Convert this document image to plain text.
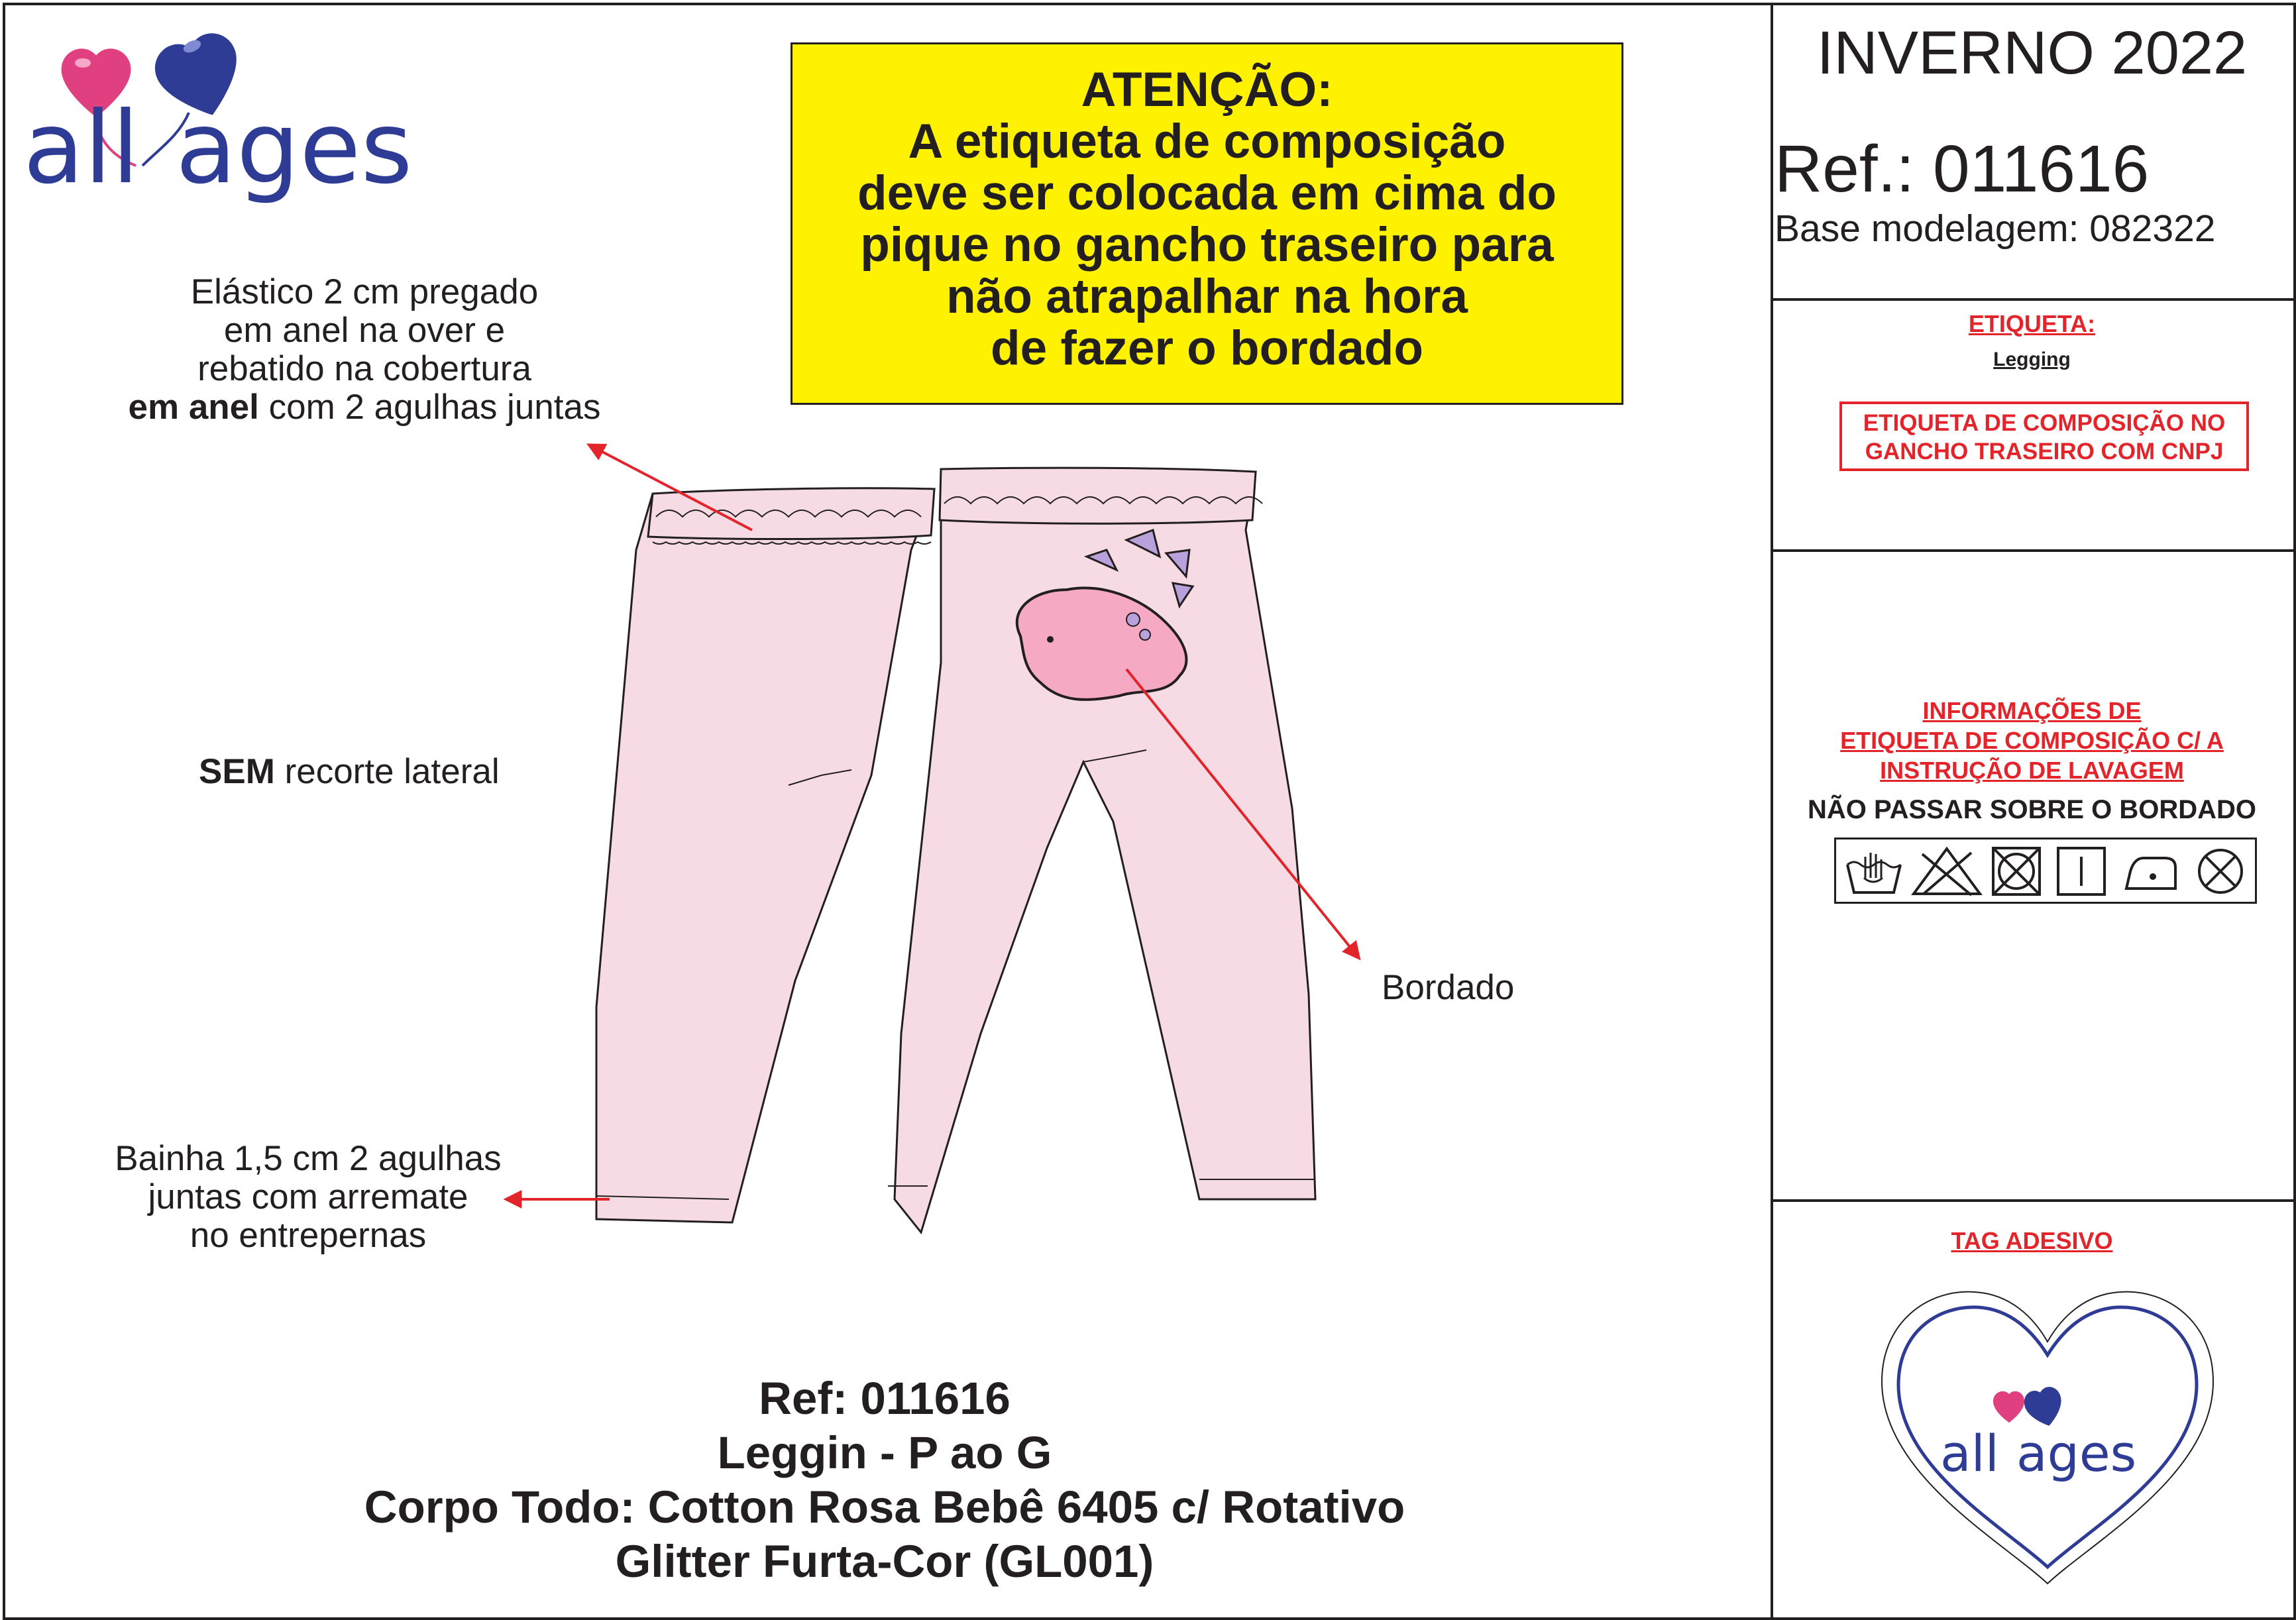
all ages
ATENÇÃO:
A etiqueta de composição
deve ser colocada em cima do
pique no gancho traseiro para
não atrapalhar na hora
de fazer o bordado
Elástico 2 cm pregado
em anel na over e
rebatido na cobertura
em anel com 2 agulhas juntas
SEM recorte lateral
Bainha 1,5 cm 2 agulhas
juntas com arremate
no entrepernas
Bordado
Ref: 011616
Leggin - P ao G
Corpo Todo: Cotton Rosa Bebê 6405 c/ Rotativo
Glitter Furta-Cor (GL001)
INVERNO 2022
Ref.: 011616
Base modelagem: 082322
ETIQUETA:
Legging
ETIQUETA DE COMPOSIÇÃO NO
GANCHO TRASEIRO COM CNPJ
INFORMAÇÕES DE
ETIQUETA DE COMPOSIÇÃO C/ A
INSTRUÇÃO DE LAVAGEM
NÃO PASSAR SOBRE O BORDADO
TAG ADESIVO
all ages
